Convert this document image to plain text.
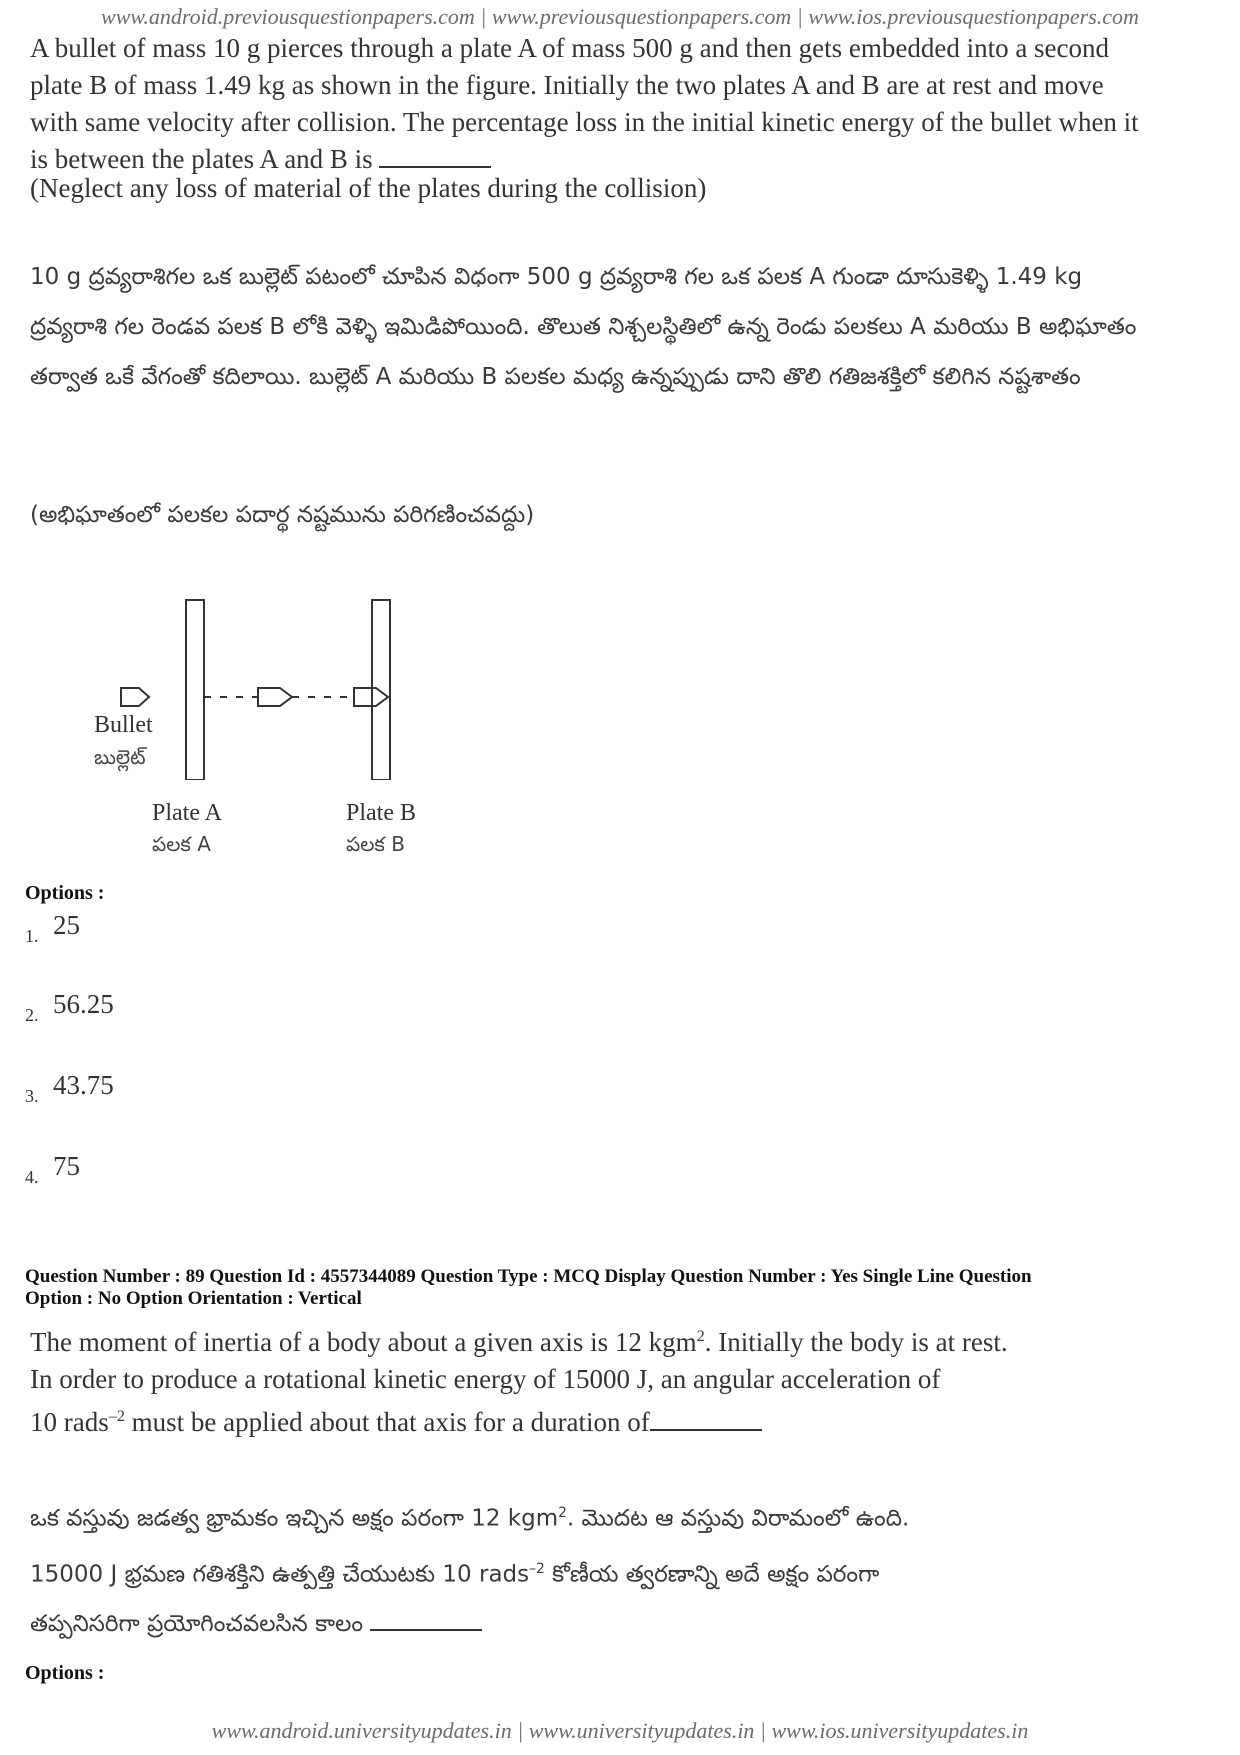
www.android.previousquestionpapers.com | www.previousquestionpapers.com | www.ios.previousquestionpapers.com
A bullet of mass 10 g pierces through a plate A of mass 500 g and then gets embedded into a second plate B of mass 1.49 kg as shown in the figure. Initially the two plates A and B are at rest and move with same velocity after collision. The percentage loss in the initial kinetic energy of the bullet when it is between the plates A and B is
(Neglect any loss of material of the plates during the collision)
10 g ద్రవ్యరాశిగల ఒక బుల్లెట్ పటంలో చూపిన విధంగా 500 g ద్రవ్యరాశి గల ఒక పలక A గుండా దూసుకెళ్ళి 1.49 kg ద్రవ్యరాశి గల రెండవ పలక B లోకి వెళ్ళి ఇమిడిపోయింది. తొలుత నిశ్చలస్థితిలో ఉన్న రెండు పలకలు A మరియు B అభిఘాతం తర్వాత ఒకే వేగంతో కదిలాయి. బుల్లెట్ A మరియు B పలకల మధ్య ఉన్నప్పుడు దాని తొలి గతిజశక్తిలో కలిగిన నష్టశాతం
(అభిఘాతంలో పలకల పదార్థ నష్టమును పరిగణించవద్దు)
Bullet
బుల్లెట్
Plate A
పలక A
Plate B
పలక B
Options :
1. 25
2. 56.25
3. 43.75
4. 75
Question Number : 89 Question Id : 4557344089 Question Type : MCQ Display Question Number : Yes Single Line Question
Option : No Option Orientation : Vertical
The moment of inertia of a body about a given axis is 12 kgm$^2$. Initially the body is at rest.
In order to produce a rotational kinetic energy of 15000 J, an angular acceleration of
10 rads$^{-2}$ must be applied about that axis for a duration of
ఒక వస్తువు జడత్వ భ్రామకం ఇచ్చిన అక్షం పరంగా 12 kgm$^2$. మొదట ఆ వస్తువు విరామంలో ఉంది.
15000 J భ్రమణ గతిశక్తిని ఉత్పత్తి చేయుటకు 10 rads$^{-2}$ కోణీయ త్వరణాన్ని అదే అక్షం పరంగా
తప్పనిసరిగా ప్రయోగించవలసిన కాలం
Options :
www.android.universityupdates.in | www.universityupdates.in | www.ios.universityupdates.in
